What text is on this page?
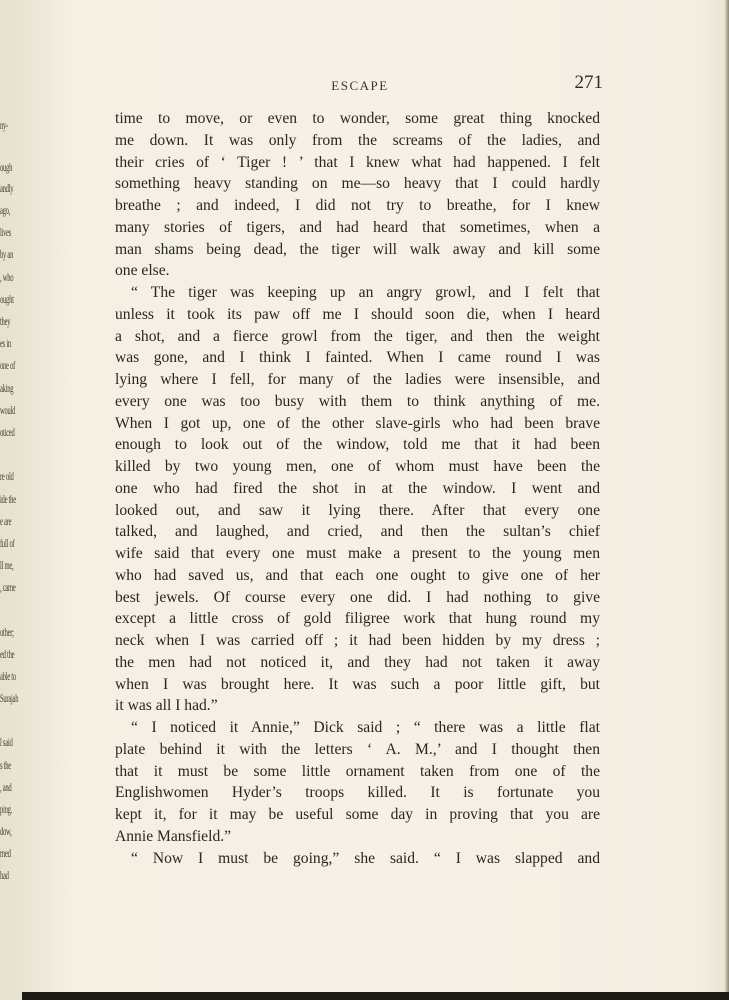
ny-
ough
andly
ago,
lives
by an
, who
ought
they
es in
one of
aking
would
oticed
re old
ide the
e are
full of
ll me,
, came
other;
ed the
able to
Surajah
l said
s the
, and
ping.
dow,
rned
had
ESCAPE	271
time to move, or even to wonder, some great thing knocked
me down. It was only from the screams of the ladies, and
their cries of ‘ Tiger ! ’ that I knew what had happened. I felt
something heavy standing on me—so heavy that I could hardly
breathe ; and indeed, I did not try to breathe, for I knew
many stories of tigers, and had heard that sometimes, when a
man shams being dead, the tiger will walk away and kill some
one else.
“ The tiger was keeping up an angry growl, and I felt that
unless it took its paw off me I should soon die, when I heard
a shot, and a fierce growl from the tiger, and then the weight
was gone, and I think I fainted. When I came round I was
lying where I fell, for many of the ladies were insensible, and
every one was too busy with them to think anything of me.
When I got up, one of the other slave-girls who had been brave
enough to look out of the window, told me that it had been
killed by two young men, one of whom must have been the
one who had fired the shot in at the window. I went and
looked out, and saw it lying there. After that every one
talked, and laughed, and cried, and then the sultan’s chief
wife said that every one must make a present to the young men
who had saved us, and that each one ought to give one of her
best jewels. Of course every one did. I had nothing to give
except a little cross of gold filigree work that hung round my
neck when I was carried off ; it had been hidden by my dress ;
the men had not noticed it, and they had not taken it away
when I was brought here. It was such a poor little gift, but
it was all I had.”
“ I noticed it Annie,” Dick said ; “ there was a little flat
plate behind it with the letters ‘ A. M.,’ and I thought then
that it must be some little ornament taken from one of the
Englishwomen Hyder’s troops killed. It is fortunate you
kept it, for it may be useful some day in proving that you are
Annie Mansfield.”
“ Now I must be going,” she said. “ I was slapped and
